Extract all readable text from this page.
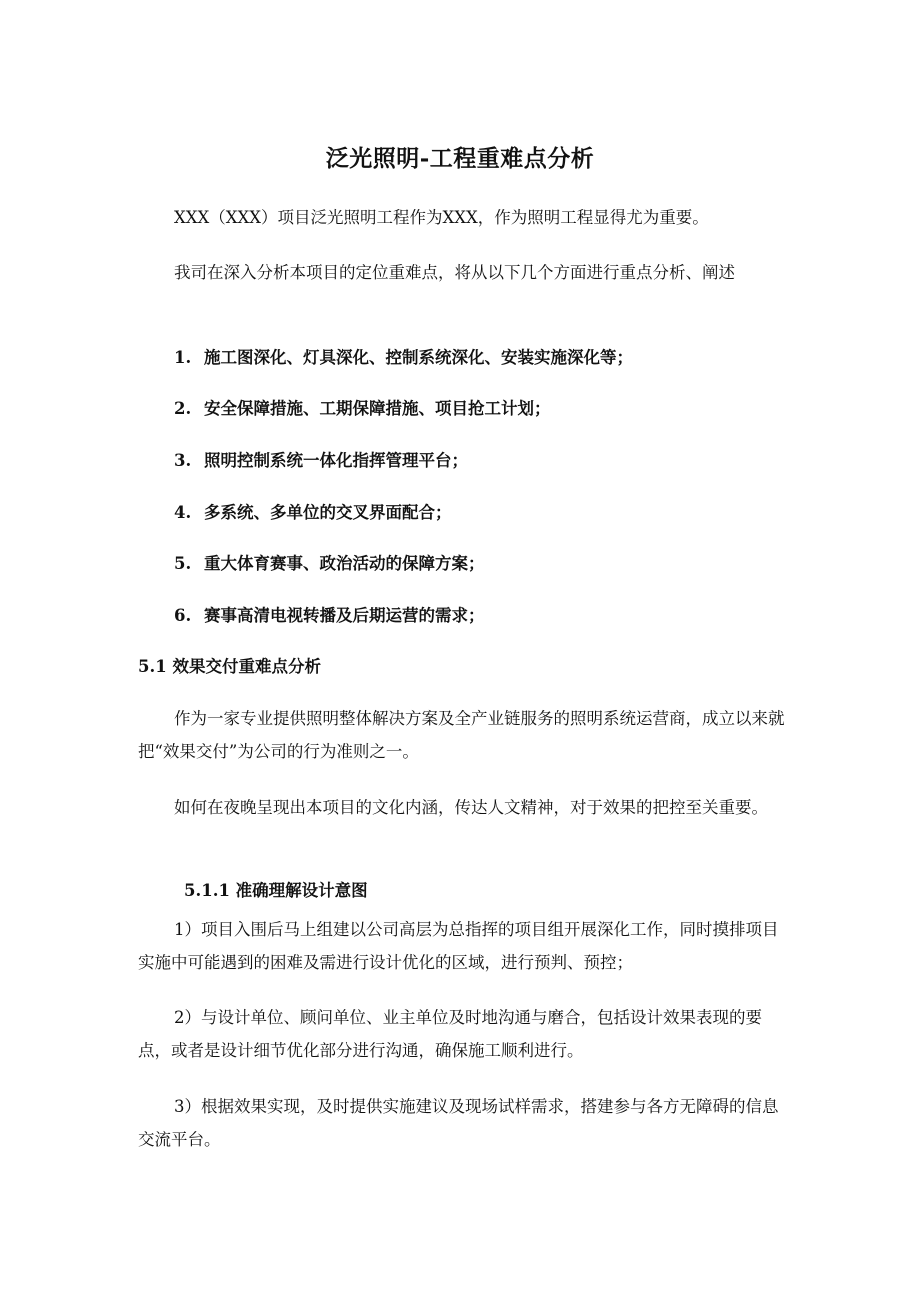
泛光照明-工程重难点分析

XXX（XXX）项目泛光照明工程作为XXX，作为照明工程显得尤为重要。

我司在深入分析本项目的定位重难点，将从以下几个方面进行重点分析、阐述

1. 施工图深化、灯具深化、控制系统深化、安装实施深化等；
2. 安全保障措施、工期保障措施、项目抢工计划；
3. 照明控制系统一体化指挥管理平台；
4. 多系统、多单位的交叉界面配合；
5. 重大体育赛事、政治活动的保障方案；
6. 赛事高清电视转播及后期运营的需求；
5.1 效果交付重难点分析

作为一家专业提供照明整体解决方案及全产业链服务的照明系统运营商，成立以来就把“效果交付”为公司的行为准则之一。

如何在夜晚呈现出本项目的文化内涵，传达人文精神，对于效果的把控至关重要。

5.1.1 准确理解设计意图

1）项目入围后马上组建以公司高层为总指挥的项目组开展深化工作，同时摸排项目实施中可能遇到的困难及需进行设计优化的区域，进行预判、预控；

2）与设计单位、顾问单位、业主单位及时地沟通与磨合，包括设计效果表现的要点，或者是设计细节优化部分进行沟通，确保施工顺利进行。

3）根据效果实现，及时提供实施建议及现场试样需求，搭建参与各方无障碍的信息交流平台。
